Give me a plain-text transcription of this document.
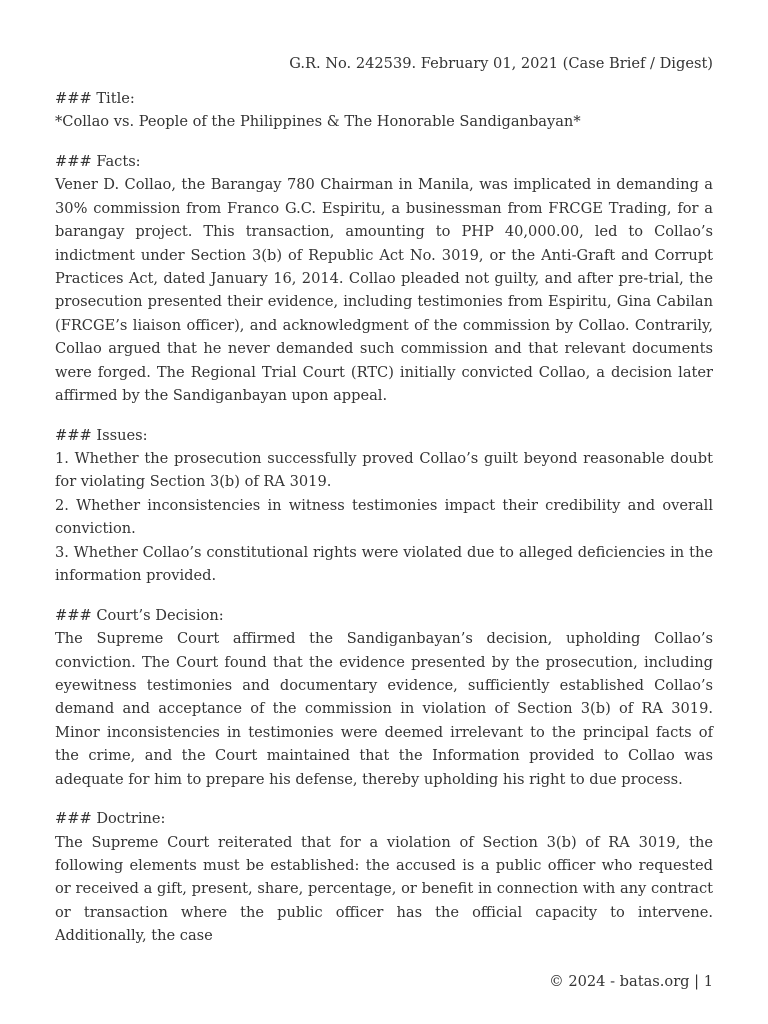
G.R. No. 242539. February 01, 2021 (Case Brief / Digest)

### Title:

*Collao vs. People of the Philippines & The Honorable Sandiganbayan*

### Facts:

Vener D. Collao, the Barangay 780 Chairman in Manila, was implicated in demanding a 30% commission from Franco G.C. Espiritu, a businessman from FRCGE Trading, for a barangay project. This transaction, amounting to PHP 40,000.00, led to Collao’s indictment under Section 3(b) of Republic Act No. 3019, or the Anti-Graft and Corrupt Practices Act, dated January 16, 2014. Collao pleaded not guilty, and after pre-trial, the prosecution presented their evidence, including testimonies from Espiritu, Gina Cabilan (FRCGE’s liaison officer), and acknowledgment of the commission by Collao. Contrarily, Collao argued that he never demanded such commission and that relevant documents were forged. The Regional Trial Court (RTC) initially convicted Collao, a decision later affirmed by the Sandiganbayan upon appeal.

### Issues:

1. Whether the prosecution successfully proved Collao’s guilt beyond reasonable doubt for violating Section 3(b) of RA 3019.

2. Whether inconsistencies in witness testimonies impact their credibility and overall conviction.

3. Whether Collao’s constitutional rights were violated due to alleged deficiencies in the information provided.

### Court’s Decision:

The Supreme Court affirmed the Sandiganbayan’s decision, upholding Collao’s conviction. The Court found that the evidence presented by the prosecution, including eyewitness testimonies and documentary evidence, sufficiently established Collao’s demand and acceptance of the commission in violation of Section 3(b) of RA 3019. Minor inconsistencies in testimonies were deemed irrelevant to the principal facts of the crime, and the Court maintained that the Information provided to Collao was adequate for him to prepare his defense, thereby upholding his right to due process.

### Doctrine:

The Supreme Court reiterated that for a violation of Section 3(b) of RA 3019, the following elements must be established: the accused is a public officer who requested or received a gift, present, share, percentage, or benefit in connection with any contract or transaction where the public officer has the official capacity to intervene. Additionally, the case

© 2024 - batas.org | 1
